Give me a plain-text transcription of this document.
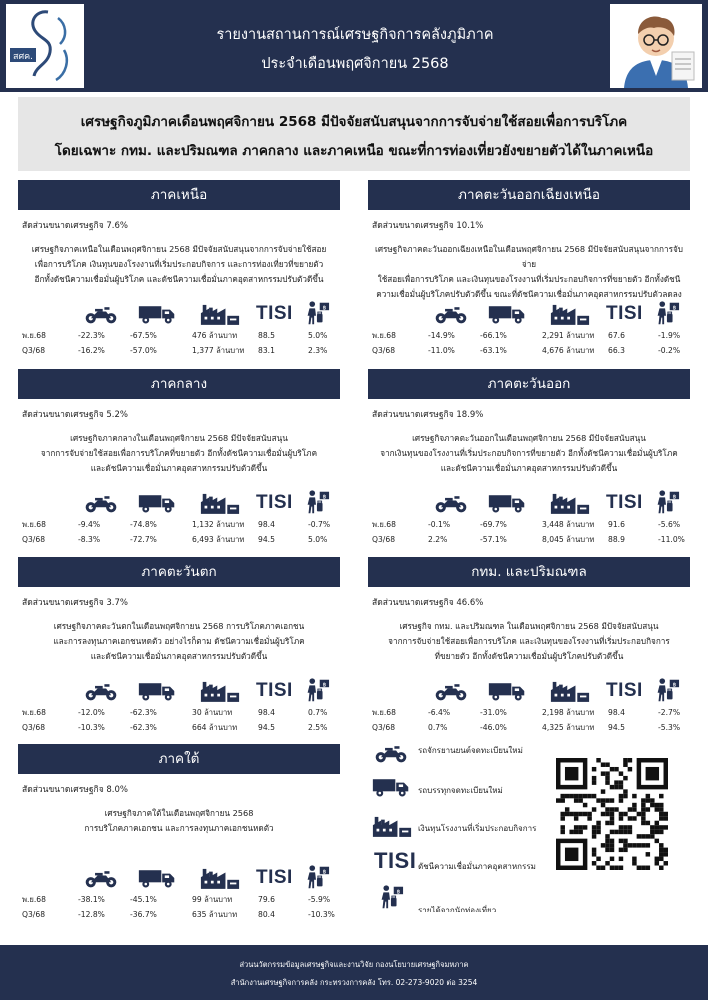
สศค.
รายงานสถานการณ์เศรษฐกิจการคลังภูมิภาค
ประจำเดือนพฤศจิกายน 2568
เศรษฐกิจภูมิภาคเดือนพฤศจิกายน 2568 มีปัจจัยสนับสนุนจากการจับจ่ายใช้สอยเพื่อการบริโภค
โดยเฉพาะ กทม. และปริมณฑล ภาคกลาง และภาคเหนือ ขณะที่การท่องเที่ยวยังขยายตัวได้ในภาคเหนือ
ภาคเหนือ
สัดส่วนขนาดเศรษฐกิจ 7.6%
เศรษฐกิจภาคเหนือในเดือนพฤศจิกายน 2568 มีปัจจัยสนับสนุนจากการจับจ่ายใช้สอย
เพื่อการบริโภค เงินทุนของโรงงานที่เริ่มประกอบกิจการ และการท่องเที่ยวที่ขยายตัว
อีกทั้งดัชนีความเชื่อมั่นผู้บริโภค และดัชนีความเชื่อมั่นภาคอุตสาหกรรมปรับตัวดีขึ้น
TISI
พ.ย.68	-22.3%	-67.5%	476 ล้านบาท	88.5	5.0%
Q3/68	-16.2%	-57.0%	1,377 ล้านบาท 83.1	2.3%
ภาคตะวันออกเฉียงเหนือ
สัดส่วนขนาดเศรษฐกิจ 10.1%
เศรษฐกิจภาคตะวันออกเฉียงเหนือในเดือนพฤศจิกายน 2568 มีปัจจัยสนับสนุนจากการจับจ่าย
ใช้สอยเพื่อการบริโภค และเงินทุนของโรงงานที่เริ่มประกอบกิจการที่ขยายตัว อีกทั้งดัชนี
ความเชื่อมั่นผู้บริโภคปรับตัวดีขึ้น ขณะที่ดัชนีความเชื่อมั่นภาคอุตสาหกรรมปรับตัวลดลง
TISI
พ.ย.68	-14.9%	-66.1%	2,291 ล้านบาท 67.6	-1.9%
Q3/68	-11.0%	-63.1%	4,676 ล้านบาท 66.3	-0.2%
ภาคกลาง
สัดส่วนขนาดเศรษฐกิจ 5.2%
เศรษฐกิจภาคกลางในเดือนพฤศจิกายน 2568 มีปัจจัยสนับสนุน
จากการจับจ่ายใช้สอยเพื่อการบริโภคที่ขยายตัว อีกทั้งดัชนีความเชื่อมั่นผู้บริโภค
และดัชนีความเชื่อมั่นภาคอุตสาหกรรมปรับตัวดีขึ้น
TISI
พ.ย.68	-9.4%	-74.8%	1,132 ล้านบาท 98.4	-0.7%
Q3/68	-8.3%	-72.7%	6,493 ล้านบาท 94.5	5.0%
ภาคตะวันออก
สัดส่วนขนาดเศรษฐกิจ 18.9%
เศรษฐกิจภาคตะวันออกในเดือนพฤศจิกายน 2568 มีปัจจัยสนับสนุน
จากเงินทุนของโรงงานที่เริ่มประกอบกิจการที่ขยายตัว อีกทั้งดัชนีความเชื่อมั่นผู้บริโภค
และดัชนีความเชื่อมั่นภาคอุตสาหกรรมปรับตัวดีขึ้น
TISI
พ.ย.68	-0.1%	-69.7%	3,448 ล้านบาท 91.6	-5.6%
Q3/68	2.2%	-57.1%	8,045 ล้านบาท 88.9	-11.0%
ภาคตะวันตก
สัดส่วนขนาดเศรษฐกิจ 3.7%
เศรษฐกิจภาคตะวันตกในเดือนพฤศจิกายน 2568 การบริโภคภาคเอกชน
และการลงทุนภาคเอกชนหดตัว อย่างไรก็ตาม ดัชนีความเชื่อมั่นผู้บริโภค
และดัชนีความเชื่อมั่นภาคอุตสาหกรรมปรับตัวดีขึ้น
TISI
พ.ย.68	-12.0%	-62.3%	30 ล้านบาท	98.4	0.7%
Q3/68	-10.3%	-62.3%	664 ล้านบาท	94.5	2.5%
กทม. และปริมณฑล
สัดส่วนขนาดเศรษฐกิจ 46.6%
เศรษฐกิจ กทม. และปริมณฑล ในเดือนพฤศจิกายน 2568 มีปัจจัยสนับสนุน
จากการจับจ่ายใช้สอยเพื่อการบริโภค และเงินทุนของโรงงานที่เริ่มประกอบกิจการ
ที่ขยายตัว อีกทั้งดัชนีความเชื่อมั่นผู้บริโภคปรับตัวดีขึ้น
TISI
พ.ย.68	-6.4%	-31.0%	2,198 ล้านบาท 98.4	-2.7%
Q3/68	0.7%	-46.0%	4,325 ล้านบาท 94.5	-5.3%
ภาคใต้
สัดส่วนขนาดเศรษฐกิจ 8.0%
เศรษฐกิจภาคใต้ในเดือนพฤศจิกายน 2568
การบริโภคภาคเอกชน และการลงทุนภาคเอกชนหดตัว
TISI
พ.ย.68	-38.1%	-45.1%	99 ล้านบาท	79.6	-5.9%
Q3/68	-12.8%	-36.7%	635 ล้านบาท	80.4	-10.3%
รถจักรยานยนต์จดทะเบียนใหม่
รถบรรทุกจดทะเบียนใหม่
เงินทุนโรงงานที่เริ่มประกอบกิจการ
TISI ดัชนีความเชื่อมั่นภาคอุตสาหกรรม
รายได้จากนักท่องเที่ยว
ส่วนนวัตกรรมข้อมูลเศรษฐกิจและงานวิจัย กองนโยบายเศรษฐกิจมหภาค
สำนักงานเศรษฐกิจการคลัง กระทรวงการคลัง โทร. 02-273-9020 ต่อ 3254
